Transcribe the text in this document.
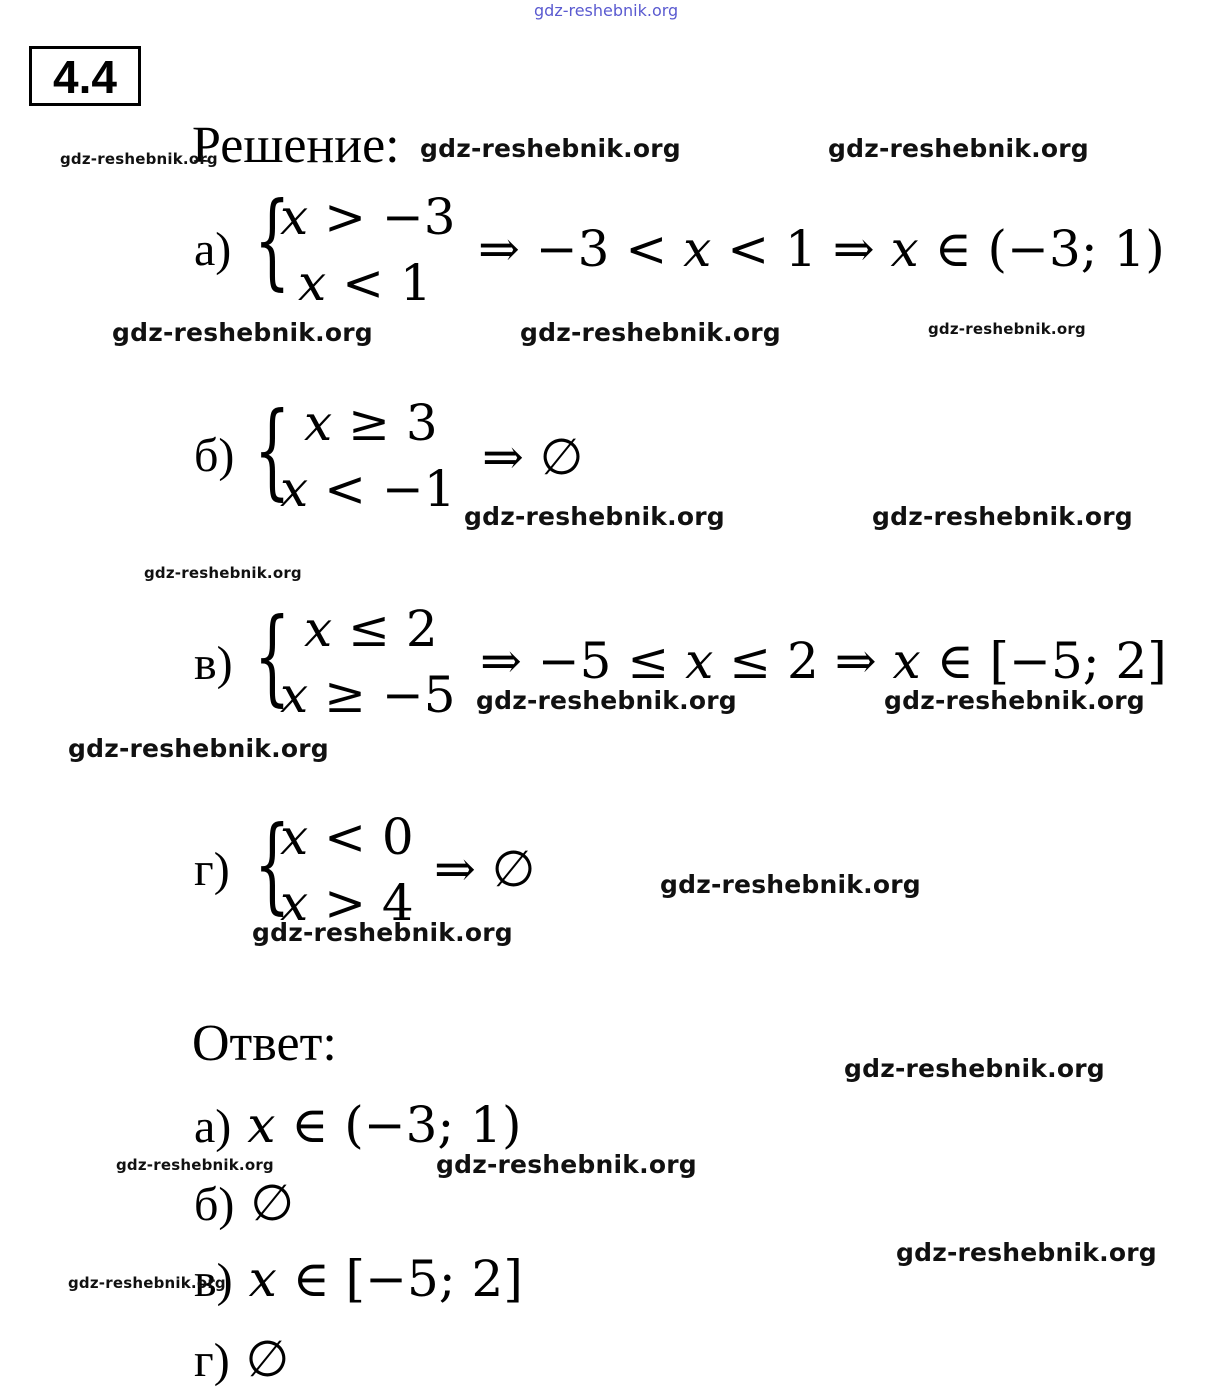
gdz-reshebnik.org
4.4
Решение:
а) {
𝑥 > −3
𝑥 < 1
⇒ −3 < 𝑥 < 1 ⇒ 𝑥 ∈ (−3; 1)
б) { 𝑥 ≥ 3
𝑥 < −1
⇒ ∅
в) { 𝑥 ≤ 2
𝑥 ≥ −5
⇒ −5 ≤ 𝑥 ≤ 2 ⇒ 𝑥 ∈ [−5; 2]
г) {
𝑥 < 0
𝑥 > 4
⇒ ∅
Ответ:
а) 𝑥 ∈ (−3; 1)
б) ∅
в) 𝑥 ∈ [−5; 2]
г) ∅
gdz-reshebnik.org	gdz-reshebnik.org	gdz-reshebnik.org
gdz-reshebnik.org	gdz-reshebnik.org	gdz-reshebnik.org
gdz-reshebnik.org	gdz-reshebnik.org
gdz-reshebnik.org
gdz-reshebnik.org	gdz-reshebnik.org
gdz-reshebnik.org
gdz-reshebnik.org
gdz-reshebnik.org
gdz-reshebnik.org
gdz-reshebnik.org	gdz-reshebnik.org
gdz-reshebnik.org
gdz-reshebnik.org
